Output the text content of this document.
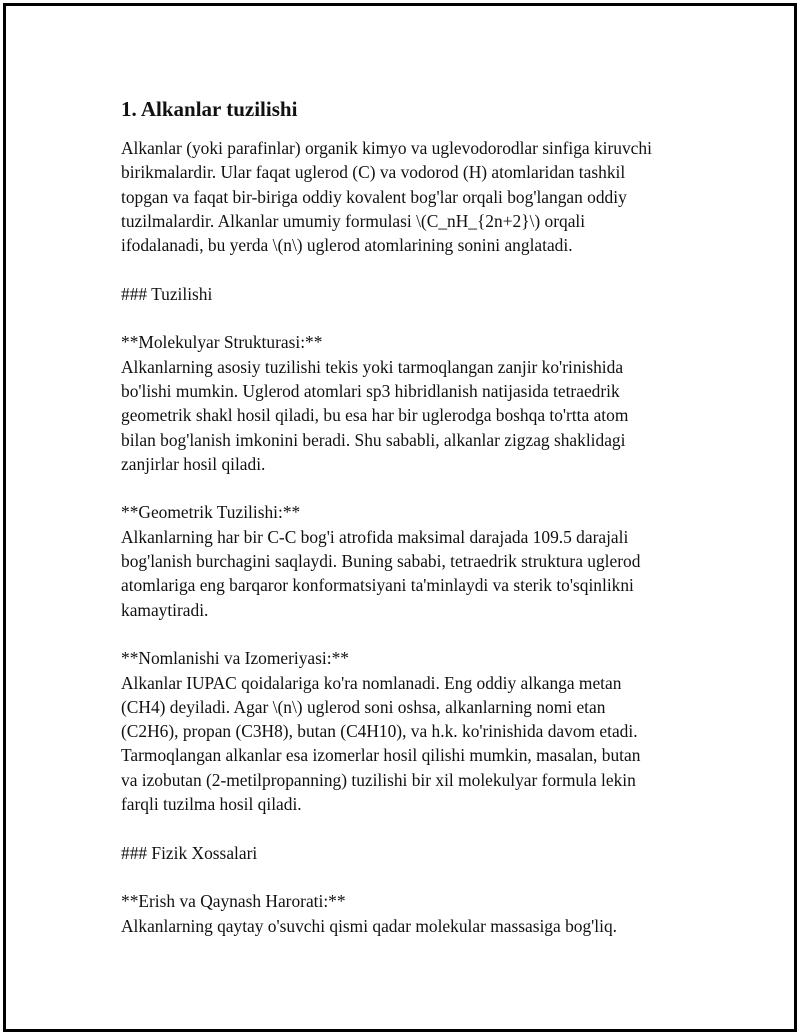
1. Alkanlar tuzilishi
Alkanlar (yoki parafinlar) organik kimyo va uglevodorodlar sinfiga kiruvchi
birikmalardir. Ular faqat uglerod (C) va vodorod (H) atomlaridan tashkil
topgan va faqat bir-biriga oddiy kovalent bog'lar orqali bog'langan oddiy
tuzilmalardir. Alkanlar umumiy formulasi \(C_nH_{2n+2}\) orqali
ifodalanadi, bu yerda \(n\) uglerod atomlarining sonini anglatadi.
### Tuzilishi
**Molekulyar Strukturasi:**
Alkanlarning asosiy tuzilishi tekis yoki tarmoqlangan zanjir ko'rinishida
bo'lishi mumkin. Uglerod atomlari sp3 hibridlanish natijasida tetraedrik
geometrik shakl hosil qiladi, bu esa har bir uglerodga boshqa to'rtta atom
bilan bog'lanish imkonini beradi. Shu sababli, alkanlar zigzag shaklidagi
zanjirlar hosil qiladi.
**Geometrik Tuzilishi:**
Alkanlarning har bir C-C bog'i atrofida maksimal darajada 109.5 darajali
bog'lanish burchagini saqlaydi. Buning sababi, tetraedrik struktura uglerod
atomlariga eng barqaror konformatsiyani ta'minlaydi va sterik to'sqinlikni
kamaytiradi.
**Nomlanishi va Izomeriyasi:**
Alkanlar IUPAC qoidalariga ko'ra nomlanadi. Eng oddiy alkanga metan
(CH4) deyiladi. Agar \(n\) uglerod soni oshsa, alkanlarning nomi etan
(C2H6), propan (C3H8), butan (C4H10), va h.k. ko'rinishida davom etadi.
Tarmoqlangan alkanlar esa izomerlar hosil qilishi mumkin, masalan, butan
va izobutan (2-metilpropanning) tuzilishi bir xil molekulyar formula lekin
farqli tuzilma hosil qiladi.
### Fizik Xossalari
**Erish va Qaynash Harorati:**
Alkanlarning qaytay o'suvchi qismi qadar molekular massasiga bog'liq.
